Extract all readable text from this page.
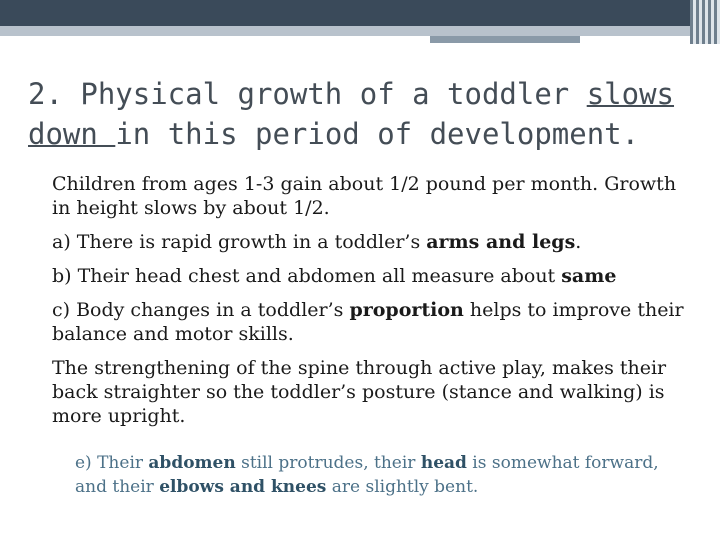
2. Physical growth of a toddler slows down in this period of development.

Children from ages 1-3 gain about 1/2 pound per month. Growth in height slows by about 1/2.

a) There is rapid growth in a toddler’s arms and legs.

b) Their head chest and abdomen all measure about same

c) Body changes in a toddler’s proportion helps to improve their balance and motor skills.

The strengthening of the spine through active play, makes their back straighter so the toddler’s posture (stance and walking) is more upright.

e) Their abdomen still protrudes, their head is somewhat forward, and their elbows and knees are slightly bent.
